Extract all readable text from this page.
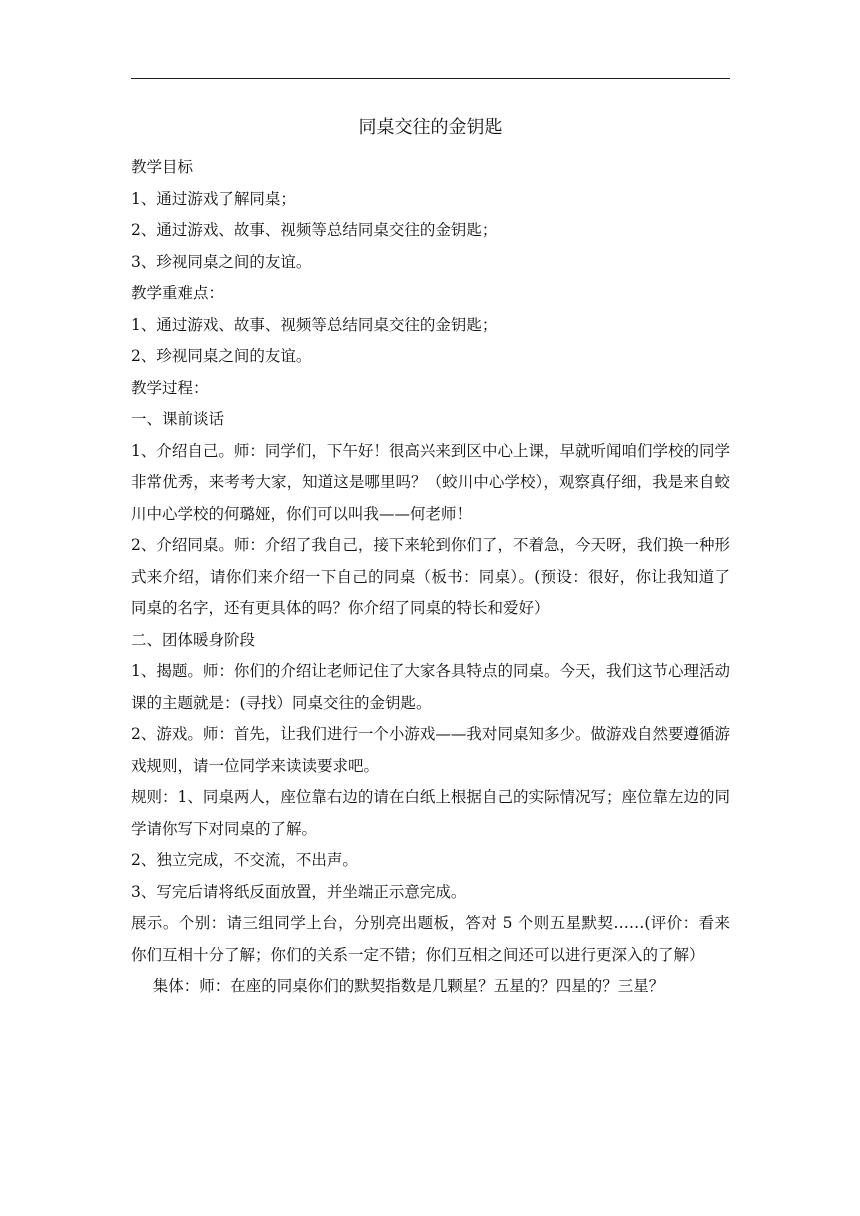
同桌交往的金钥匙

教学目标

1、通过游戏了解同桌；

2、通过游戏、故事、视频等总结同桌交往的金钥匙；

3、珍视同桌之间的友谊。

教学重难点：

1、通过游戏、故事、视频等总结同桌交往的金钥匙；

2、珍视同桌之间的友谊。

教学过程：

一、课前谈话

1、介绍自己。师：同学们，下午好！很高兴来到区中心上课，早就听闻咱们学校的同学非常优秀，来考考大家，知道这是哪里吗？（蛟川中心学校），观察真仔细，我是来自蛟川中心学校的何璐娅，你们可以叫我——何老师！

2、介绍同桌。师：介绍了我自己，接下来轮到你们了，不着急，今天呀，我们换一种形式来介绍，请你们来介绍一下自己的同桌（板书：同桌）。(预设：很好，你让我知道了同桌的名字，还有更具体的吗？你介绍了同桌的特长和爱好）

二、团体暖身阶段

1、揭题。师：你们的介绍让老师记住了大家各具特点的同桌。今天，我们这节心理活动课的主题就是：(寻找）同桌交往的金钥匙。

2、游戏。师：首先，让我们进行一个小游戏——我对同桌知多少。做游戏自然要遵循游戏规则，请一位同学来读读要求吧。

规则：1、同桌两人，座位靠右边的请在白纸上根据自己的实际情况写；座位靠左边的同学请你写下对同桌的了解。

2、独立完成，不交流，不出声。

3、写完后请将纸反面放置，并坐端正示意完成。

展示。个别：请三组同学上台，分别亮出题板，答对 5 个则五星默契……(评价：看来你们互相十分了解；你们的关系一定不错；你们互相之间还可以进行更深入的了解）

集体：师：在座的同桌你们的默契指数是几颗星？五星的？四星的？三星？
